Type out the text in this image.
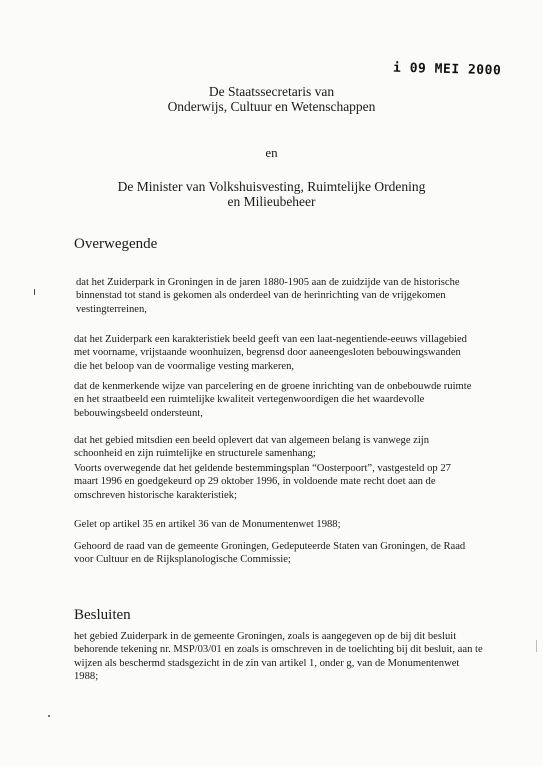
i 09 MEI 2000
De Staatssecretaris van
Onderwijs, Cultuur en Wetenschappen
en
De Minister van Volkshuisvesting, Ruimtelijke Ordening
en Milieubeheer
Overwegende

dat het Zuiderpark in Groningen in de jaren 1880-1905 aan de zuidzijde van de historische binnenstad tot stand is gekomen als onderdeel van de herinrichting van de vrijgekomen vestingterreinen,

dat het Zuiderpark een karakteristiek beeld geeft van een laat-negentiende-eeuws villagebied met voorname, vrijstaande woonhuizen, begrensd door aaneengesloten bebouwingswanden die het beloop van de voormalige vesting markeren,

dat de kenmerkende wijze van parcelering en de groene inrichting van de onbebouwde ruimte en het straatbeeld een ruimtelijke kwaliteit vertegenwoordigen die het waardevolle bebouwingsbeeld ondersteunt,

dat het gebied mitsdien een beeld oplevert dat van algemeen belang is vanwege zijn schoonheid en zijn ruimtelijke en structurele samenhang;

Voorts overwegende dat het geldende bestemmingsplan “Oosterpoort”, vastgesteld op 27 maart 1996 en goedgekeurd op 29 oktober 1996, in voldoende mate recht doet aan de omschreven historische karakteristiek;

Gelet op artikel 35 en artikel 36 van de Monumentenwet 1988;

Gehoord de raad van de gemeente Groningen, Gedeputeerde Staten van Groningen, de Raad voor Cultuur en de Rijksplanologische Commissie;

Besluiten

het gebied Zuiderpark in de gemeente Groningen, zoals is aangegeven op de bij dit besluit behorende tekening nr. MSP/03/01 en zoals is omschreven in de toelichting bij dit besluit, aan te wijzen als beschermd stadsgezicht in de zin van artikel 1, onder g, van de Monumentenwet 1988;
